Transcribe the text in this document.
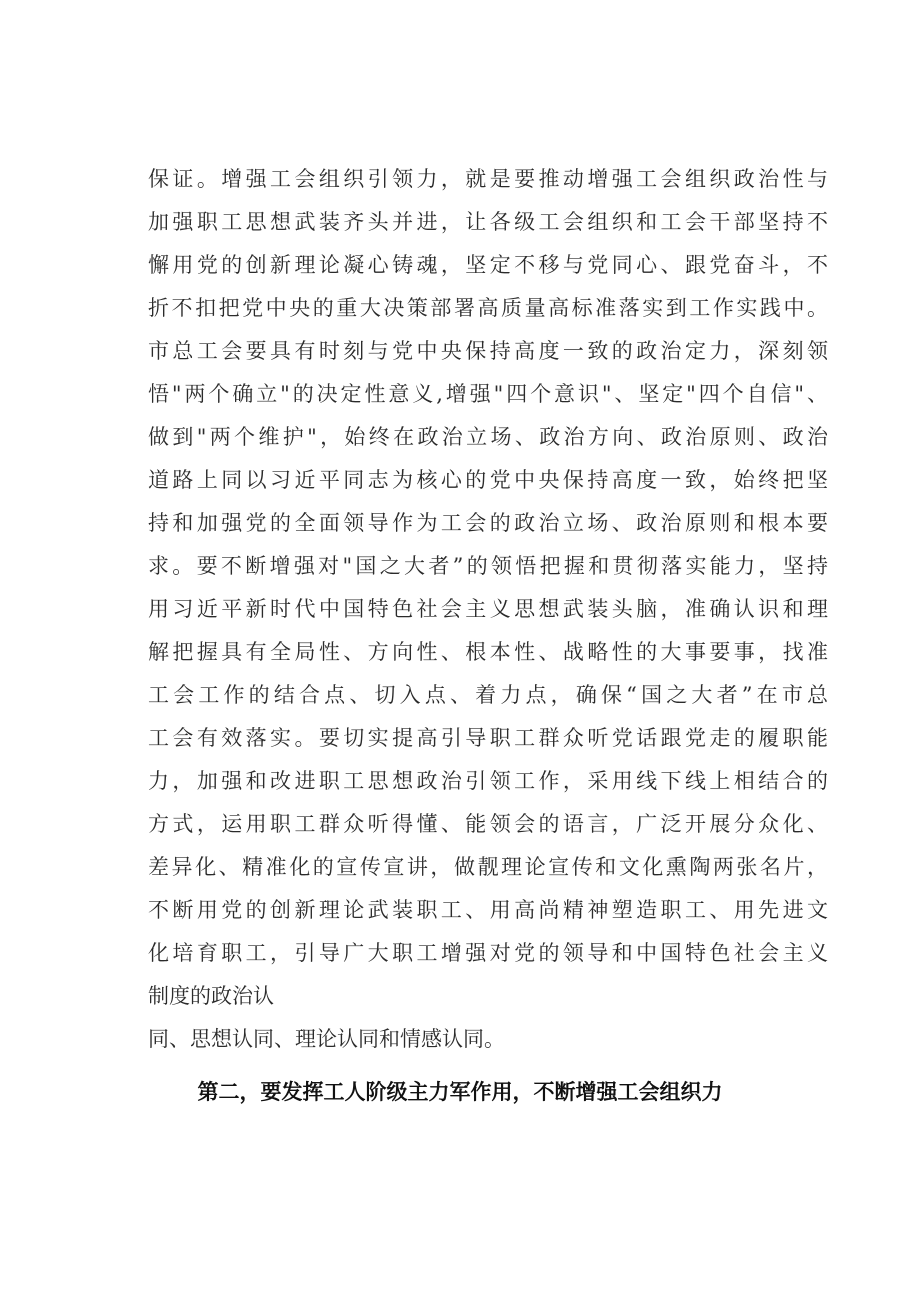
保证。增强工会组织引领力，就是要推动增强工会组织政治性与
加强职工思想武装齐头并进，让各级工会组织和工会干部坚持不
懈用党的创新理论凝心铸魂，坚定不移与党同心、跟党奋斗，不
折不扣把党中央的重大决策部署高质量高标准落实到工作实践中。
市总工会要具有时刻与党中央保持高度一致的政治定力，深刻领
悟"两个确立"的决定性意义,增强"四个意识"、坚定"四个自信"、
做到"两个维护"，始终在政治立场、政治方向、政治原则、政治
道路上同以习近平同志为核心的党中央保持高度一致，始终把坚
持和加强党的全面领导作为工会的政治立场、政治原则和根本要
求。要不断增强对"国之大者”的领悟把握和贯彻落实能力，坚持
用习近平新时代中国特色社会主义思想武装头脑，准确认识和理
解把握具有全局性、方向性、根本性、战略性的大事要事，找准
工会工作的结合点、切入点、着力点，确保“国之大者”在市总
工会有效落实。要切实提高引导职工群众听党话跟党走的履职能
力，加强和改进职工思想政治引领工作，采用线下线上相结合的
方式，运用职工群众听得懂、能领会的语言，广泛开展分众化、
差异化、精准化的宣传宣讲，做靓理论宣传和文化熏陶两张名片，
不断用党的创新理论武装职工、用高尚精神塑造职工、用先进文
化培育职工，引导广大职工增强对党的领导和中国特色社会主义
制度的政治认
同、思想认同、理论认同和情感认同。
第二，要发挥工人阶级主力军作用，不断增强工会组织力
